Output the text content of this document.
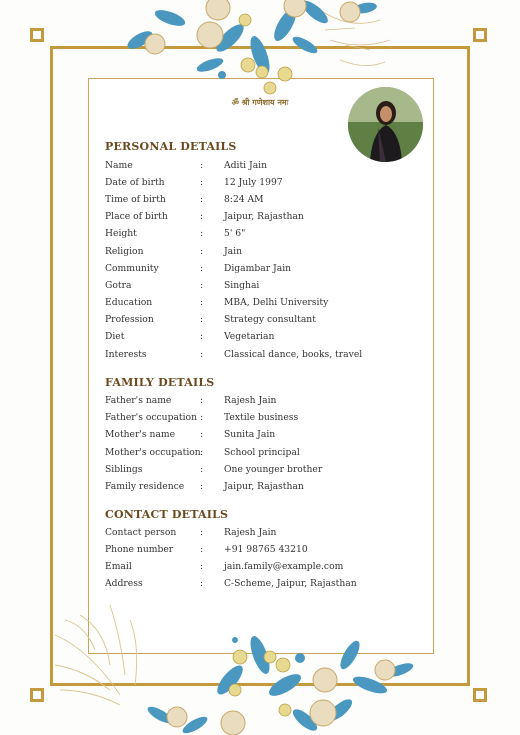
ॐ श्री गणेशाय नमः
PERSONAL DETAILS
Name	: Aditi Jain
Date of birth	: 12 July 1997
Time of birth	: 8:24 AM
Place of birth	: Jaipur, Rajasthan
Height	: 5' 6"
Religion	: Jain
Community	: Digambar Jain
Gotra	: Singhai
Education	: MBA, Delhi University
Profession	: Strategy consultant
Diet	: Vegetarian
Interests	: Classical dance, books, travel
FAMILY DETAILS
Father's name	: Rajesh Jain
Father's occupation : Textile business
Mother's name	: Sunita Jain
Mother's occupation : School principal
Siblings	: One younger brother
Family residence : Jaipur, Rajasthan
CONTACT DETAILS
Contact person	: Rajesh Jain
Phone number	: +91 98765 43210
Email	: jain.family@example.com
Address	: C-Scheme, Jaipur, Rajasthan
